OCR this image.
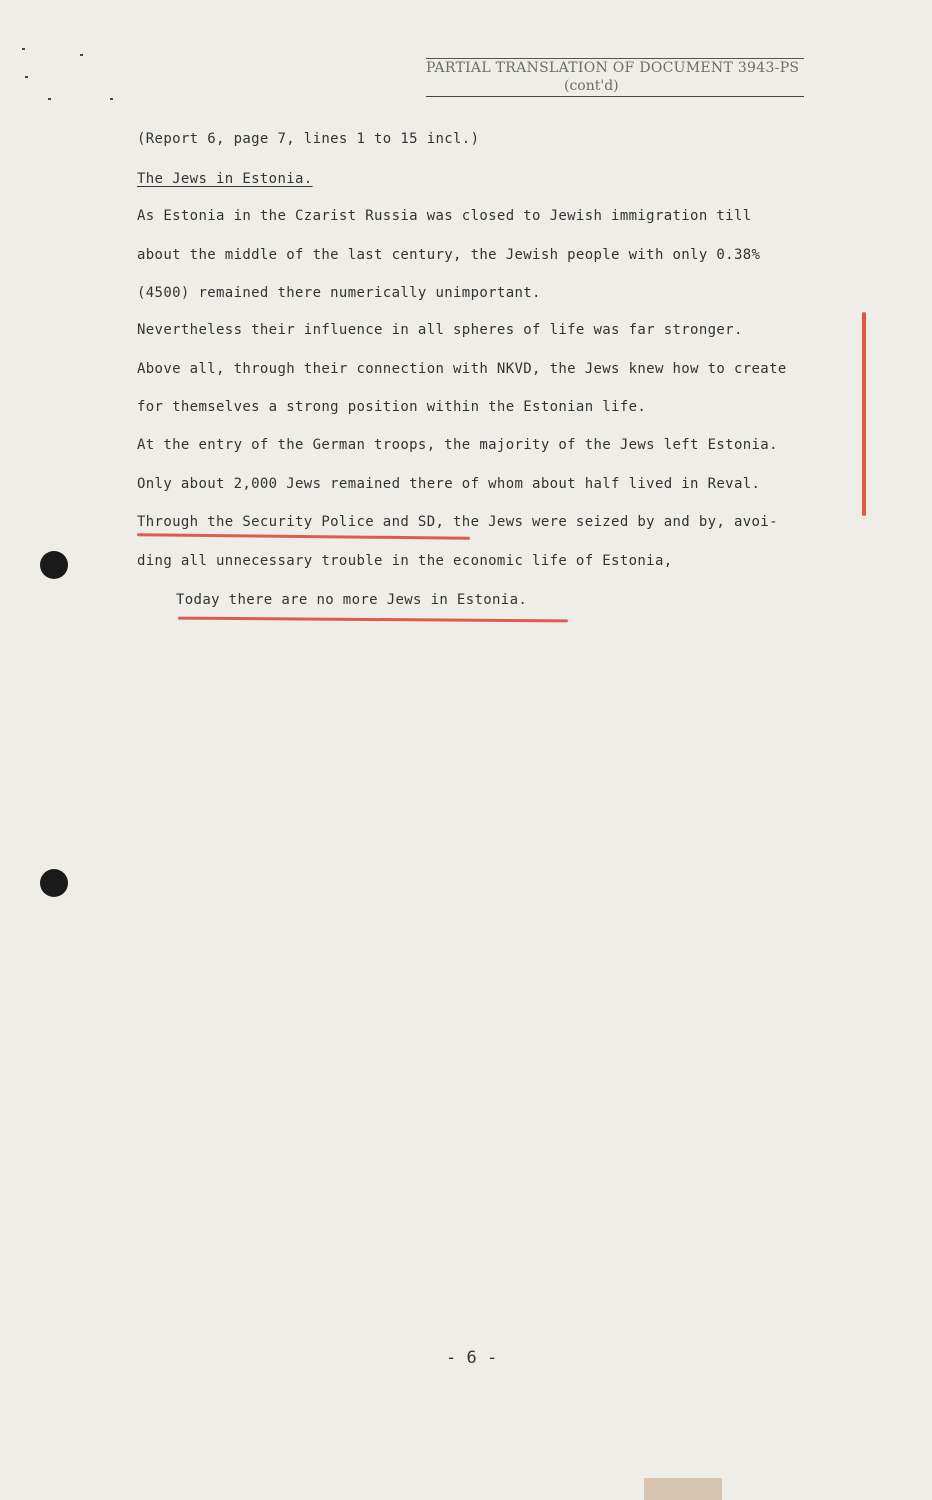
PARTIAL TRANSLATION OF DOCUMENT 3943-PS
(cont'd)
(Report 6, page 7, lines 1 to 15 incl.)
The Jews in Estonia.
As Estonia in the Czarist Russia was closed to Jewish immigration till
about the middle of the last century, the Jewish people with only 0.38%
(4500) remained there numerically unimportant.
Nevertheless their influence in all spheres of life was far stronger.
Above all, through their connection with NKVD, the Jews knew how to create
for themselves a strong position within the Estonian life.
At the entry of the German troops, the majority of the Jews left Estonia.
Only about 2,000 Jews remained there of whom about half lived in Reval.
Through the Security Police and SD, the Jews were seized by and by, avoi-
ding all unnecessary trouble in the economic life of Estonia,
Today there are no more Jews in Estonia.
- 6 -
